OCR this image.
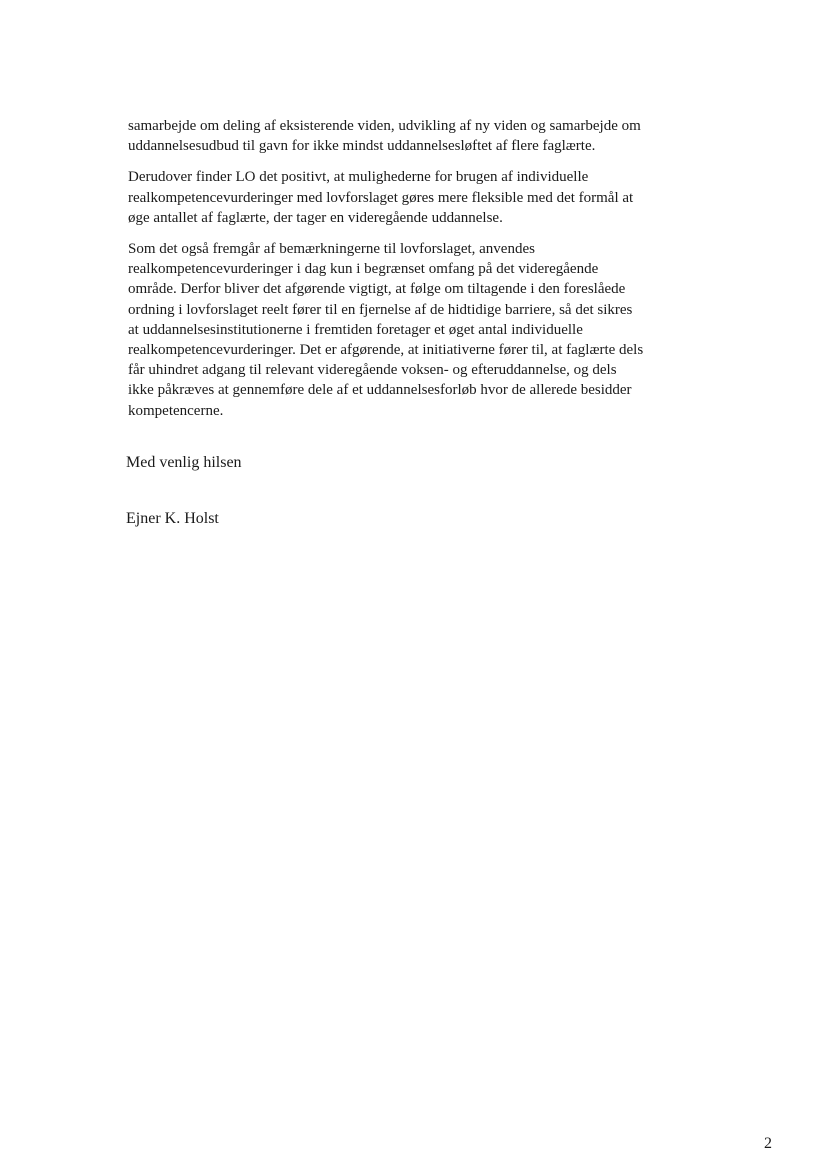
samarbejde om deling af eksisterende viden, udvikling af ny viden og samarbejde om
uddannelsesudbud til gavn for ikke mindst uddannelsesløftet af flere faglærte.

Derudover finder LO det positivt, at mulighederne for brugen af individuelle
realkompetencevurderinger med lovforslaget gøres mere fleksible med det formål at
øge antallet af faglærte, der tager en videregående uddannelse.

Som det også fremgår af bemærkningerne til lovforslaget, anvendes
realkompetencevurderinger i dag kun i begrænset omfang på det videregående
område. Derfor bliver det afgørende vigtigt, at følge om tiltagende i den foreslåede
ordning i lovforslaget reelt fører til en fjernelse af de hidtidige barriere, så det sikres
at uddannelsesinstitutionerne i fremtiden foretager et øget antal individuelle
realkompetencevurderinger. Det er afgørende, at initiativerne fører til, at faglærte dels
får uhindret adgang til relevant videregående voksen- og efteruddannelse, og dels
ikke påkræves at gennemføre dele af et uddannelsesforløb hvor de allerede besidder
kompetencerne.

Med venlig hilsen

Ejner K. Holst

2
